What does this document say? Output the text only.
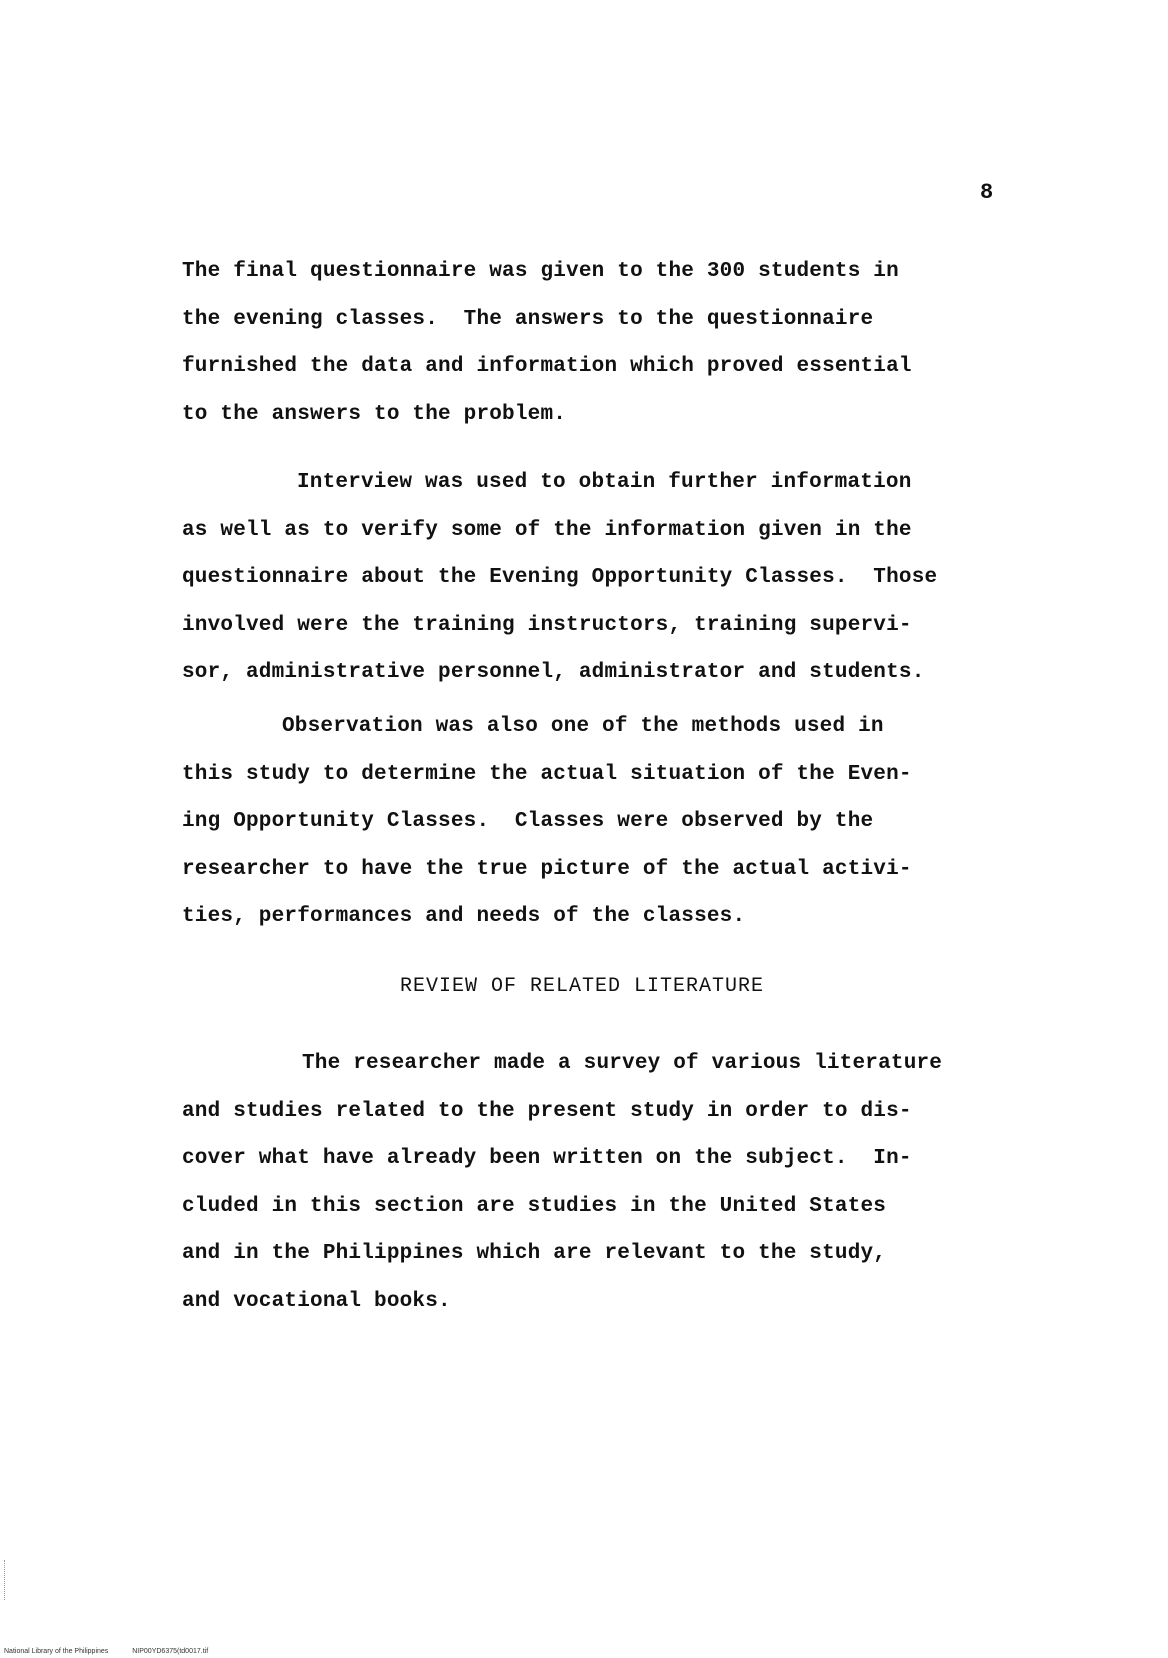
8
The final questionnaire was given to the 300 students in
the evening classes.  The answers to the questionnaire
furnished the data and information which proved essential
to the answers to the problem.
Interview was used to obtain further information
as well as to verify some of the information given in the
questionnaire about the Evening Opportunity Classes.  Those
involved were the training instructors, training supervi-
sor, administrative personnel, administrator and students.
Observation was also one of the methods used in
this study to determine the actual situation of the Even-
ing Opportunity Classes.  Classes were observed by the
researcher to have the true picture of the actual activi-
ties, performances and needs of the classes.
REVIEW OF RELATED LITERATURE
The researcher made a survey of various literature
and studies related to the present study in order to dis-
cover what have already been written on the subject.  In-
cluded in this section are studies in the United States
and in the Philippines which are relevant to the study,
and vocational books.
National Library of the Philippines	NIP00YD6375(td0017.tif
